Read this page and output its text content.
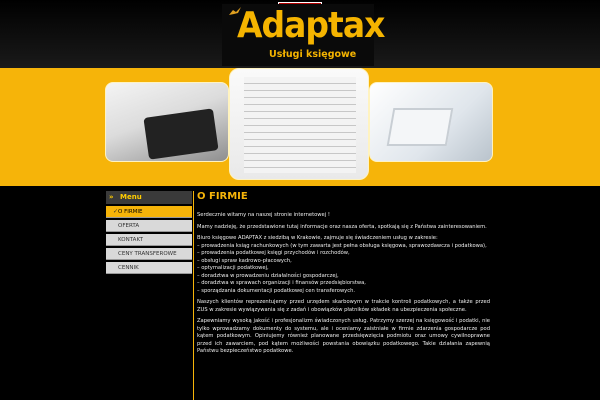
Adaptax
Usługi księgowe
» Menu
✓ O FIRMIE
OFERTA
KONTAKT
CENY TRANSFEROWE
CENNIK
O FIRMIE

Serdecznie witamy na naszej stronie internetowej !

Mamy nadzieję, że przedstawione tutaj informacje oraz nasza oferta, spotkają się z Państwa zainteresowaniem.

Biuro księgowe ADAPTAX z siedzibą w Krakowie, zajmuje się świadczeniem usług w zakresie:
– prowadzenia ksiąg rachunkowych (w tym zawarta jest pełna obsługa księgowa, sprawozdawcza i podatkowa),
– prowadzenia podatkowej księgi przychodów i rozchodów,
– obsługi spraw kadrowo-płacowych,
– optymalizacji podatkowej,
– doradztwa w prowadzeniu działalności gospodarczej,
– doradztwa w sprawach organizacji i finansów przedsiębiorstwa,
– sporządzania dokumentacji podatkowej cen transferowych.

Naszych klientów reprezentujemy przed urzędem skarbowym w trakcie kontroli podatkowych, a także przed ZUS w zakresie wywiązywania się z zadań i obowiązków płatników składek na ubezpieczenia społeczne.

Zapewniamy wysoką jakość i profesjonalizm świadczonych usług. Patrzymy szerzej na księgowość i podatki, nie tylko wprowadzamy dokumenty do systemu, ale i oceniamy zaistniałe w firmie zdarzenia gospodarcze pod kątem podatkowym. Opiniujemy również planowane przedsięwzięcia podmiotu oraz umowy cywilnoprawne przed ich zawarciem, pod kątem możliwości powstania obowiązku podatkowego. Takie działania zapewnią Państwu bezpieczeństwo podatkowe.
